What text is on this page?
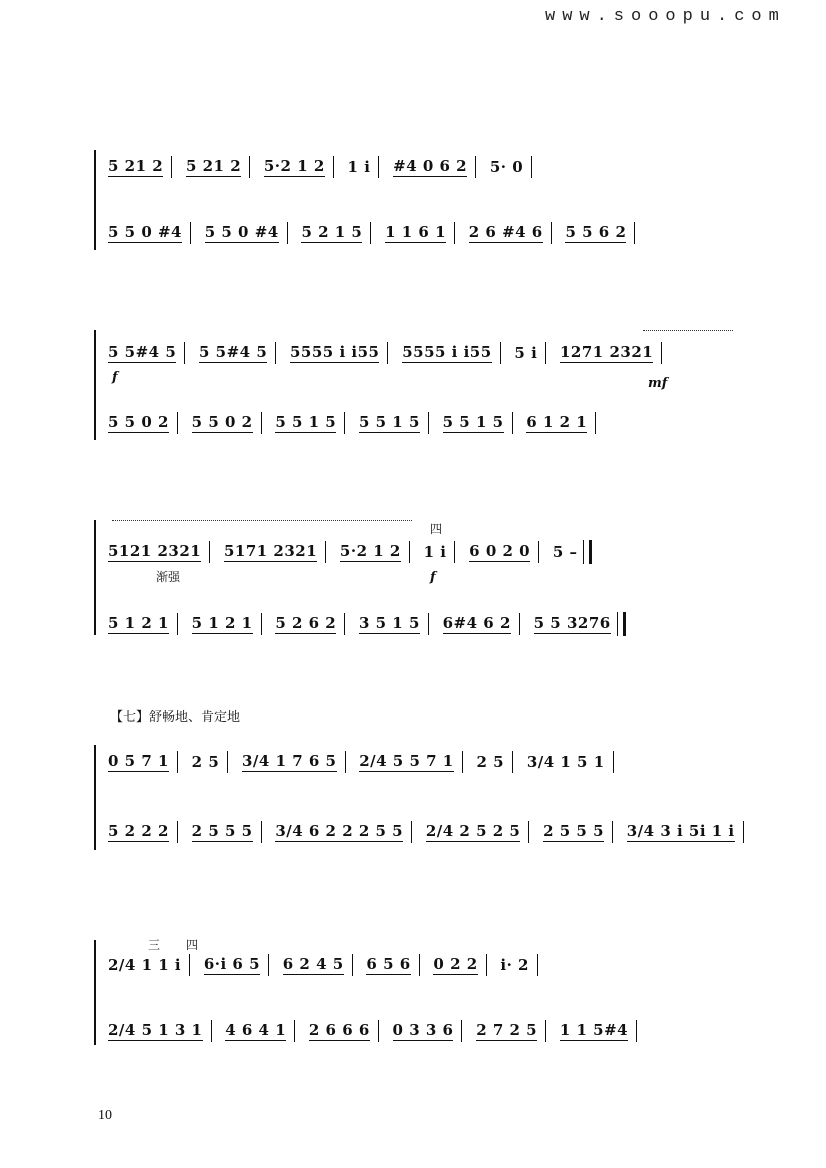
www.sooopu.com
5 21 2 5 21 2 5·2 1 2 1 i #4 0 6 2 5· 0
5 5 0 #4 5 5 0 #4 5 2 1 5 1 1 6 1 2 6 #4 6 5 5 6 2
5 5#4 5 5 5#4 5 5555 i i55 5555 i i55 5 i 1271 2321
f	mf
5 5 0 2 5 5 0 2 5 5 1 5 5 5 1 5 5 5 1 5 6 1 2 1
5121 2321 5171 2321 5·2 1 2 1 i 6 0 2 0 5 –
渐强
四
f
5 1 2 1 5 1 2 1 5 2 6 2 3 5 1 5 6#4 6 2 5 5 3276
【七】舒畅地、肯定地
0 5 7 1 2 5 3/4 1 7 6 5 2/4 5 5 7 1 2 5 3/4 1 5 1
5 2 2 2 2 5 5 5 3/4 6 2 2 2 5 5 2/4 2 5 2 5 2 5 5 5 3/4 3 i 5i 1 i
三 四
2/4 1 1 i 6·i 6 5 6 2 4 5 6 5 6 0 2 2 i· 2
2/4 5 1 3 1 4 6 4 1 2 6 6 6 0 3 3 6 2 7 2 5 1 1 5#4
10
